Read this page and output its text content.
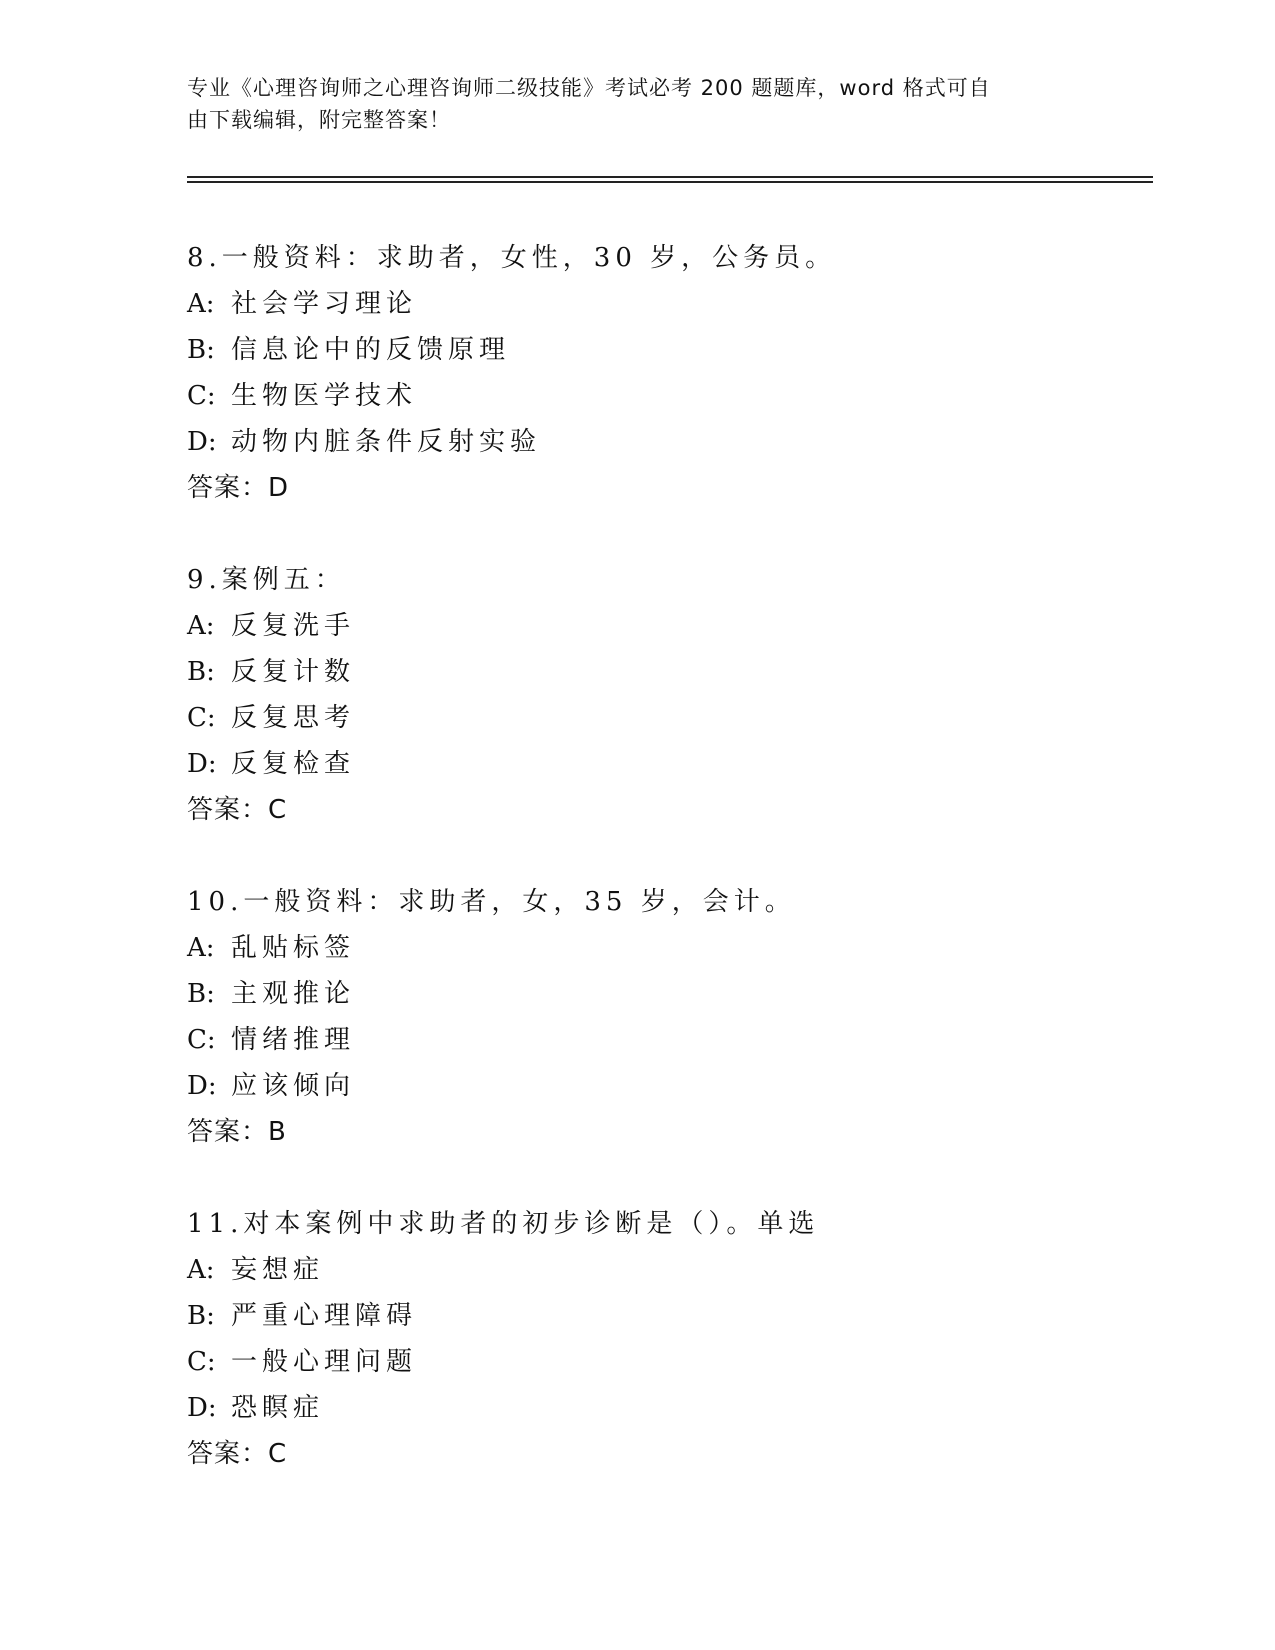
专业《心理咨询师之心理咨询师二级技能》考试必考 200 题题库，word 格式可自
由下载编辑，附完整答案！
8.一般资料：求助者，女性，30 岁，公务员。
A: 社会学习理论
B: 信息论中的反馈原理
C: 生物医学技术
D: 动物内脏条件反射实验
答案：D
9.案例五：
A: 反复洗手
B: 反复计数
C: 反复思考
D: 反复检查
答案：C
10.一般资料：求助者，女，35 岁，会计。
A: 乱贴标签
B: 主观推论
C: 情绪推理
D: 应该倾向
答案：B
11.对本案例中求助者的初步诊断是（）。单选
A: 妄想症
B: 严重心理障碍
C: 一般心理问题
D: 恐瞑症
答案：C
